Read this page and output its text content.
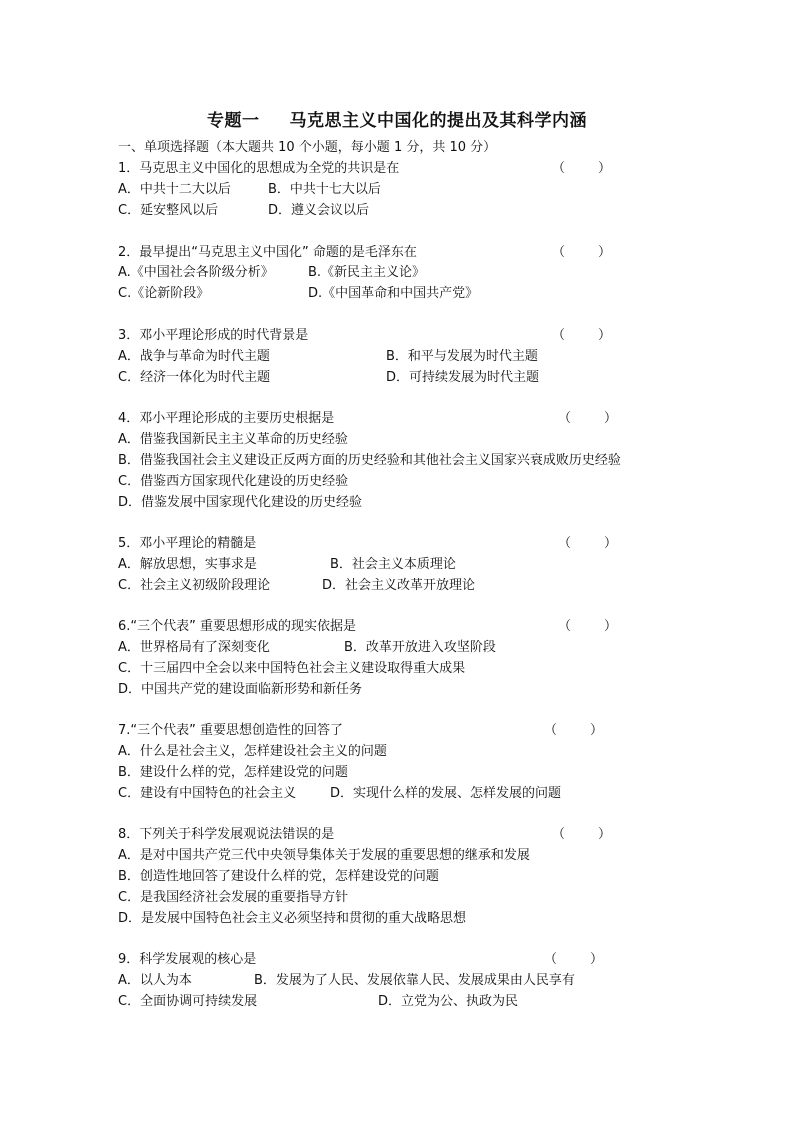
专题一 马克思主义中国化的提出及其科学内涵
一、单项选择题（本大题共 10 个小题，每小题 1 分，共 10 分）
1．马克思主义中国化的思想成为全党的共识是在	（        ）
A．中共十二大以后	B．中共十七大以后
C．延安整风以后	D．遵义会议以后
2．最早提出“马克思主义中国化” 命题的是毛泽东在	（        ）
A.《中国社会各阶级分析》	B.《新民主主义论》
C.《论新阶段》	D.《中国革命和中国共产党》
3．邓小平理论形成的时代背景是	（        ）
A．战争与革命为时代主题	B．和平与发展为时代主题
C．经济一体化为时代主题	D．可持续发展为时代主题
4．邓小平理论形成的主要历史根据是	（        ）
A．借鉴我国新民主主义革命的历史经验
B．借鉴我国社会主义建设正反两方面的历史经验和其他社会主义国家兴衰成败历史经验
C．借鉴西方国家现代化建设的历史经验
D．借鉴发展中国家现代化建设的历史经验
5．邓小平理论的精髓是	（        ）
A．解放思想，实事求是	B．社会主义本质理论
C．社会主义初级阶段理论	D．社会主义改革开放理论
6.“三个代表” 重要思想形成的现实依据是	（        ）
A．世界格局有了深刻变化	B．改革开放进入攻坚阶段
C．十三届四中全会以来中国特色社会主义建设取得重大成果
D．中国共产党的建设面临新形势和新任务
7.“三个代表” 重要思想创造性的回答了	（        ）
A．什么是社会主义，怎样建设社会主义的问题
B．建设什么样的党，怎样建设党的问题
C．建设有中国特色的社会主义	D．实现什么样的发展、怎样发展的问题
8．下列关于科学发展观说法错误的是	（        ）
A．是对中国共产党三代中央领导集体关于发展的重要思想的继承和发展
B．创造性地回答了建设什么样的党，怎样建设党的问题
C．是我国经济社会发展的重要指导方针
D．是发展中国特色社会主义必须坚持和贯彻的重大战略思想
9．科学发展观的核心是	（        ）
A．以人为本	B．发展为了人民、发展依靠人民、发展成果由人民享有
C．全面协调可持续发展	D．立党为公、执政为民
